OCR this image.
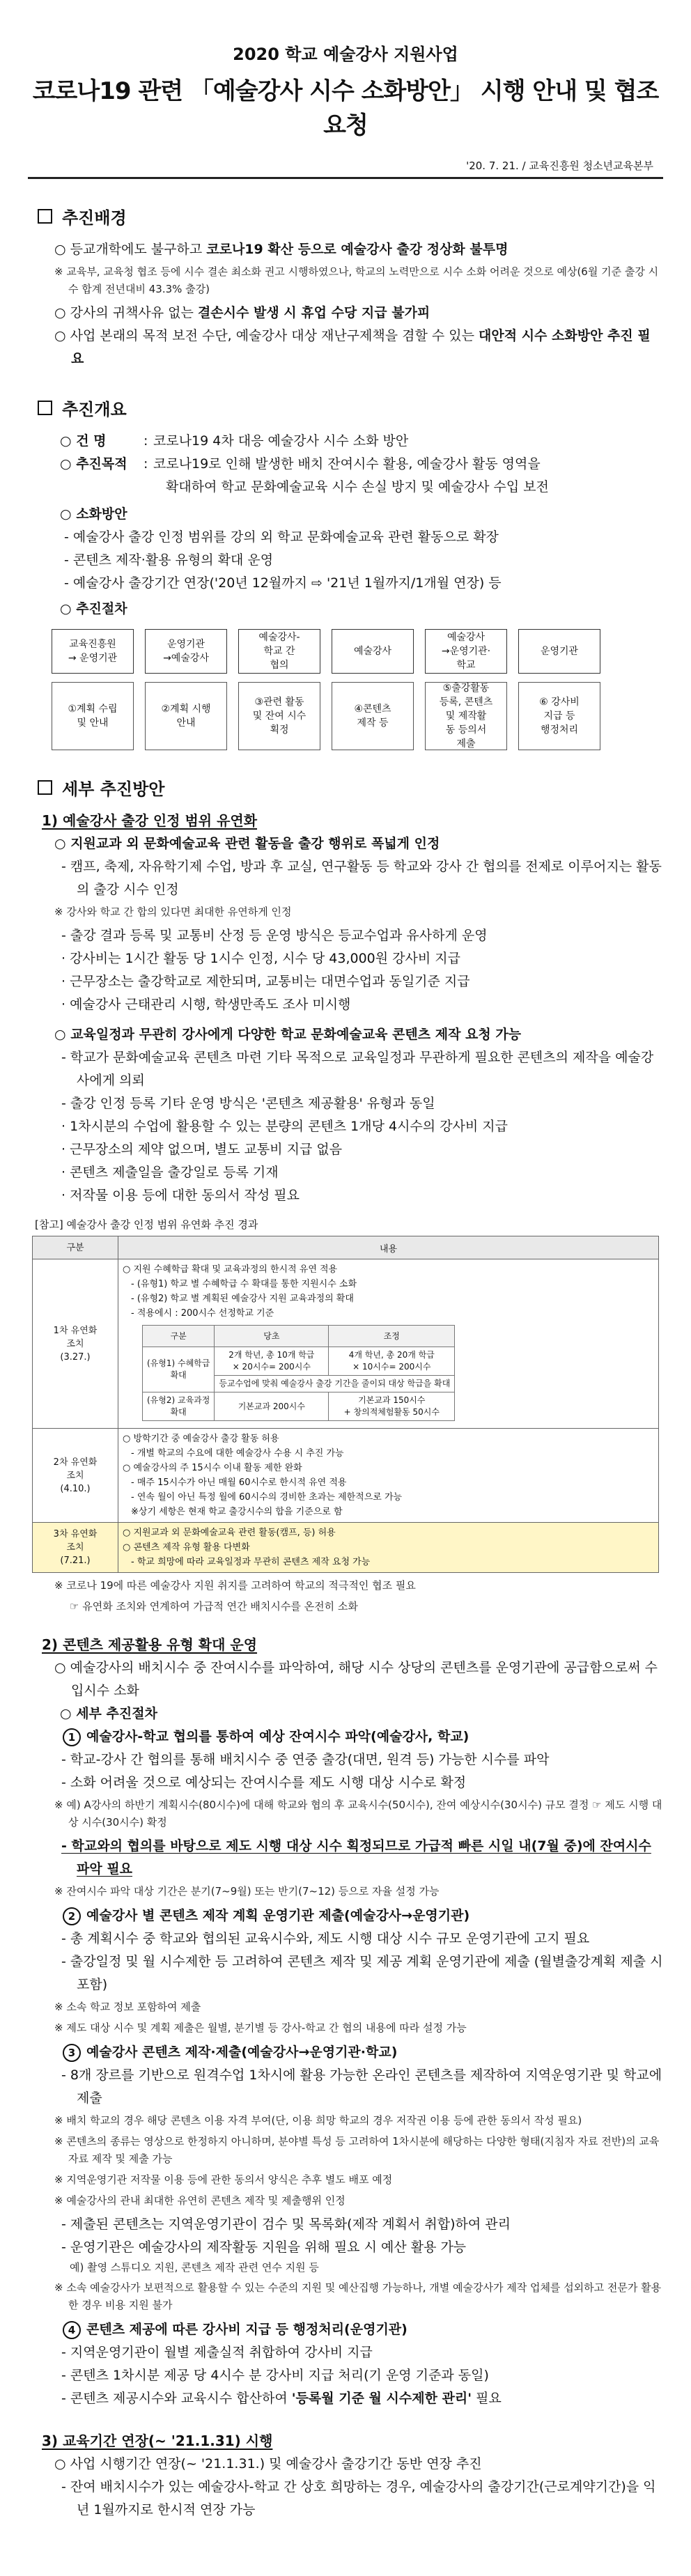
2020 학교 예술강사 지원사업

코로나19 관련 「예술강사 시수 소화방안」 시행 안내 및 협조요청

'20. 7. 21. / 교육진흥원 청소년교육본부
추진배경

○ 등교개학에도 불구하고 코로나19 확산 등으로 예술강사 출강 정상화 불투명

※ 교육부, 교육청 협조 등에 시수 결손 최소화 권고 시행하였으나, 학교의 노력만으로 시수 소화 어려운 것으로 예상(6월 기준 출강 시수 합계 전년대비 43.3% 출강)

○ 강사의 귀책사유 없는 결손시수 발생 시 휴업 수당 지급 불가피

○ 사업 본래의 목적 보전 수단, 예술강사 대상 재난구제책을 겸할 수 있는 대안적 시수 소화방안 추진 필요

추진개요
○ 건 명	: 코로나19 4차 대응 예술강사 시수 소화 방안
○ 추진목적	: 코로나19로 인해 발생한 배치 잔여시수 활용, 예술강사 활동 영역을
확대하여 학교 문화예술교육 시수 손실 방지 및 예술강사 수입 보전

○ 소화방안

- 예술강사 출강 인정 범위를 강의 외 학교 문화예술교육 관련 활동으로 확장

- 콘텐츠 제작·활용 유형의 확대 운영

- 예술강사 출강기간 연장('20년 12월까지 ⇨ '21년 1월까지/1개월 연장) 등

○ 추진절차

교육진흥원
→ 운영기관
①계획 수립
및 안내
운영기관
→예술강사
②계획 시행
안내
예술강사-
학교 간
협의
③관련 활동
및 잔여 시수
획정
예술강사
④콘텐츠
제작 등
예술강사
→운영기관·
학교
⑤출강활동
등록, 콘텐츠
및 제작활
동 등의서
제출
운영기관
⑥ 강사비
지급 등
행정처리
세부 추진방안

1) 예술강사 출강 인정 범위 유연화

○ 지원교과 외 문화예술교육 관련 활동을 출강 행위로 폭넓게 인정

- 캠프, 축제, 자유학기제 수업, 방과 후 교실, 연구활동 등 학교와 강사 간 협의를 전제로 이루어지는 활동의 출강 시수 인정

※ 강사와 학교 간 합의 있다면 최대한 유연하게 인정

- 출강 결과 등록 및 교통비 산정 등 운영 방식은 등교수업과 유사하게 운영

· 강사비는 1시간 활동 당 1시수 인정, 시수 당 43,000원 강사비 지급

· 근무장소는 출강학교로 제한되며, 교통비는 대면수업과 동일기준 지급

· 예술강사 근태관리 시행, 학생만족도 조사 미시행

○ 교육일정과 무관히 강사에게 다양한 학교 문화예술교육 콘텐츠 제작 요청 가능

- 학교가 문화예술교육 콘텐츠 마련 기타 목적으로 교육일정과 무관하게 필요한 콘텐츠의 제작을 예술강사에게 의뢰

- 출강 인정 등록 기타 운영 방식은 '콘텐츠 제공활용' 유형과 동일

· 1차시분의 수업에 활용할 수 있는 분량의 콘텐츠 1개당 4시수의 강사비 지급

· 근무장소의 제약 없으며, 별도 교통비 지급 없음

· 콘텐츠 제출일을 출강일로 등록 기재

· 저작물 이용 등에 대한 동의서 작성 필요

[참고] 예술강사 출강 인정 범위 유연화 추진 경과
구분	내용
1차 유연화
조치
(3.27.)	
○ 지원 수혜학급 확대 및 교육과정의 한시적 유연 적용
- (유형1) 학교 별 수혜학급 수 확대를 통한 지원시수 소화
- (유형2) 학교 별 계획된 예술강사 지원 교육과정의 확대
- 적용에시 : 200시수 선정학교 기준
구분	당초	조정
(유형1) 수혜학급
확대	2개 학년, 총 10개 학급
× 20시수= 200시수	4개 학년, 총 20개 학급
× 10시수= 200시수
등교수업에 맞춰 예술강사 출강 기간을 줄이되 대상 학급을 확대
(유형2) 교육과정
확대	기본교과 200시수	기본교과 150시수
+ 창의적체험활동 50시수

2차 유연화
조치
(4.10.)	
○ 방학기간 중 예술강사 출강 활동 허용
- 개별 학교의 수요에 대한 예술강사 수용 시 추진 가능
○ 예술강사의 주 15시수 이내 활동 제한 완화
- 매주 15시수가 아닌 매월 60시수로 한시적 유연 적용
- 연속 월이 아닌 특정 월에 60시수의 경비한 초과는 제한적으로 가능
※상기 세항은 현재 학교 출강시수의 합을 기준으로 함

3차 유연화
조치
(7.21.)	
○ 지원교과 외 문화예술교육 관련 활동(캠프, 등) 허용
○ 콘텐츠 제작 유형 활용 다변화
- 학교 희망에 따라 교육일정과 무관히 콘텐츠 제작 요청 가능
※ 코로나 19에 따른 예술강사 지원 취지를 고려하여 학교의 적극적인 협조 필요
☞ 유연화 조치와 연계하여 가급적 연간 배치시수를 온전히 소화

2) 콘텐츠 제공활용 유형 확대 운영

○ 예술강사의 배치시수 중 잔여시수를 파악하여, 해당 시수 상당의 콘텐츠를 운영기관에 공급함으로써 수입시수 소화

○ 세부 추진절차

1 예술강사-학교 협의를 통하여 예상 잔여시수 파악(예술강사, 학교)

- 학교-강사 간 협의를 통해 배치시수 중 연중 출강(대면, 원격 등) 가능한 시수를 파악

- 소화 어려울 것으로 예상되는 잔여시수를 제도 시행 대상 시수로 확정

※ 예) A강사의 하반기 계획시수(80시수)에 대해 학교와 협의 후 교육시수(50시수), 잔여 예상시수(30시수) 규모 결정 ☞ 제도 시행 대상 시수(30시수) 확정

- 학교와의 협의를 바탕으로 제도 시행 대상 시수 획정되므로 가급적 빠른 시일 내(7월 중)에 잔여시수 파악 필요

※ 잔여시수 파악 대상 기간은 분기(7~9월) 또는 반기(7~12) 등으로 자율 설정 가능

2 예술강사 별 콘텐츠 제작 계획 운영기관 제출(예술강사→운영기관)

- 총 계획시수 중 학교와 협의된 교육시수와, 제도 시행 대상 시수 규모 운영기관에 고지 필요

- 출강일정 및 월 시수제한 등 고려하여 콘텐츠 제작 및 제공 계획 운영기관에 제출 (월별출강계획 제출 시 포함)

※ 소속 학교 정보 포함하여 제출
※ 제도 대상 시수 및 계획 제출은 월별, 분기별 등 강사-학교 간 협의 내용에 따라 설정 가능

3 예술강사 콘텐츠 제작·제출(예술강사→운영기관·학교)

- 8개 장르를 기반으로 원격수업 1차시에 활용 가능한 온라인 콘텐츠를 제작하여 지역운영기관 및 학교에 제출

※ 배치 학교의 경우 해당 콘텐츠 이용 자격 부여(단, 이용 희망 학교의 경우 저작권 이용 등에 관한 동의서 작성 필요)
※ 콘텐츠의 종류는 영상으로 한정하지 아니하며, 분야별 특성 등 고려하여 1차시분에 해당하는 다양한 형태(지침자 자료 전반)의 교육자료 제작 및 제출 가능
※ 지역운영기관 저작물 이용 등에 관한 동의서 양식은 추후 별도 배포 예정
※ 예술강사의 관내 최대한 유연히 콘텐츠 제작 및 제출행위 인정

- 제출된 콘텐츠는 지역운영기관이 검수 및 목록화(제작 계획서 취합)하여 관리

- 운영기관은 예술강사의 제작활동 지원을 위해 필요 시 예산 활용 가능

예) 촬영 스튜디오 지원, 콘텐츠 제작 관련 연수 지원 등
※ 소속 예술강사가 보편적으로 활용할 수 있는 수준의 지원 및 예산집행 가능하나, 개별 예술강사가 제작 업체를 섭외하고 전문가 활용한 경우 비용 지원 불가

4 콘텐츠 제공에 따른 강사비 지급 등 행정처리(운영기관)

- 지역운영기관이 월별 제출실적 취합하여 강사비 지급

- 콘텐츠 1차시분 제공 당 4시수 분 강사비 지급 처리(기 운영 기준과 동일)

- 콘텐츠 제공시수와 교육시수 합산하여 '등록월 기준 월 시수제한 관리' 필요

3) 교육기간 연장(~ '21.1.31) 시행

○ 사업 시행기간 연장(~ '21.1.31.) 및 예술강사 출강기간 동반 연장 추진

- 잔여 배치시수가 있는 예술강사-학교 간 상호 희망하는 경우, 예술강사의 출강기간(근로계약기간)을 익년 1월까지로 한시적 연장 가능
